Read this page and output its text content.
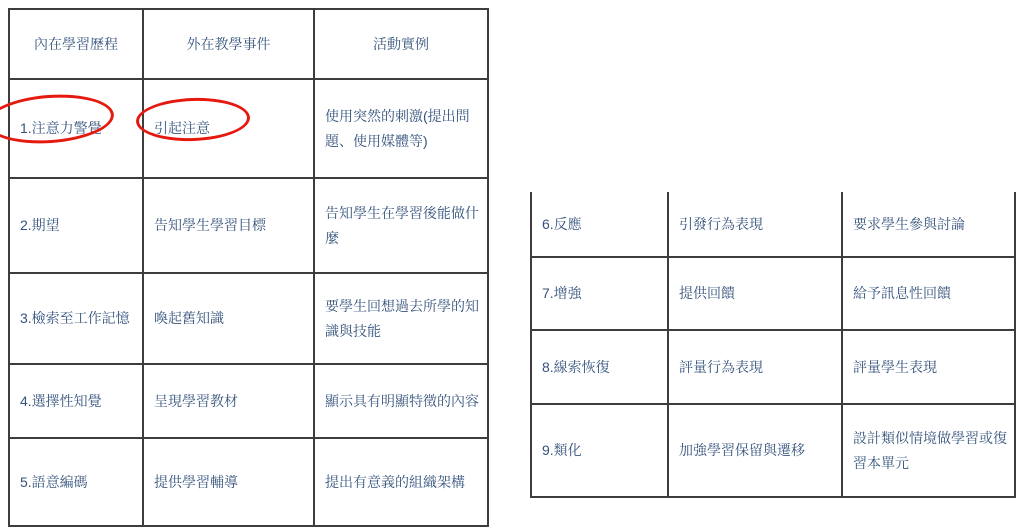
內在學習歷程	外在教學事件	活動實例
1.注意力警覺	引起注意	使用突然的刺激(提出問題、使用媒體等)
2.期望	告知學生學習目標	告知學生在學習後能做什麼
3.檢索至工作記憶	喚起舊知識	要學生回想過去所學的知識與技能
4.選擇性知覺	呈現學習教材	顯示具有明顯特徵的內容
5.語意編碼	提供學習輔導	提出有意義的組織架構
6.反應	引發行為表現	要求學生參與討論
7.增強	提供回饋	給予訊息性回饋
8.線索恢復	評量行為表現	評量學生表現
9.類化	加強學習保留與遷移	設計類似情境做學習或復習本單元
